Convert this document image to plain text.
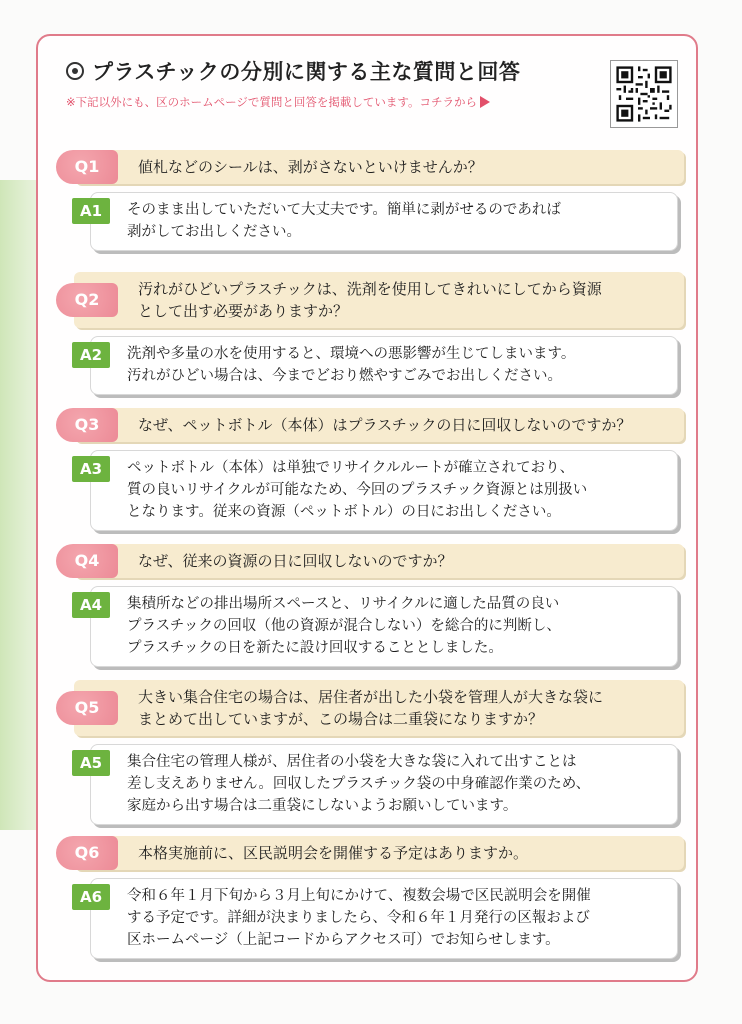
プラスチックの分別に関する主な質問と回答
※下記以外にも、区のホームページで質問と回答を掲載しています。コチラから
Q1	値札などのシールは、剥がさないといけませんか？
A1	そのまま出していただいて大丈夫です。簡単に剥がせるのであれば
剥がしてお出しください。
Q2
汚れがひどいプラスチックは、洗剤を使用してきれいにしてから資源
として出す必要がありますか？
A2	洗剤や多量の水を使用すると、環境への悪影響が生じてしまいます。
汚れがひどい場合は、今までどおり燃やすごみでお出しください。
Q3	なぜ、ペットボトル（本体）はプラスチックの日に回収しないのですか？
A3	ペットボトル（本体）は単独でリサイクルルートが確立されており、
質の良いリサイクルが可能なため、今回のプラスチック資源とは別扱い
となります。従来の資源（ペットボトル）の日にお出しください。
Q4	なぜ、従来の資源の日に回収しないのですか？
A4	集積所などの排出場所スペースと、リサイクルに適した品質の良い
プラスチックの回収（他の資源が混合しない）を総合的に判断し、
プラスチックの日を新たに設け回収することとしました。
Q5
大きい集合住宅の場合は、居住者が出した小袋を管理人が大きな袋に
まとめて出していますが、この場合は二重袋になりますか？
A5	集合住宅の管理人様が、居住者の小袋を大きな袋に入れて出すことは
差し支えありません。回収したプラスチック袋の中身確認作業のため、
家庭から出す場合は二重袋にしないようお願いしています。
Q6	本格実施前に、区民説明会を開催する予定はありますか。
A6	令和６年１月下旬から３月上旬にかけて、複数会場で区民説明会を開催
する予定です。詳細が決まりましたら、令和６年１月発行の区報および
区ホームページ（上記コードからアクセス可）でお知らせします。
